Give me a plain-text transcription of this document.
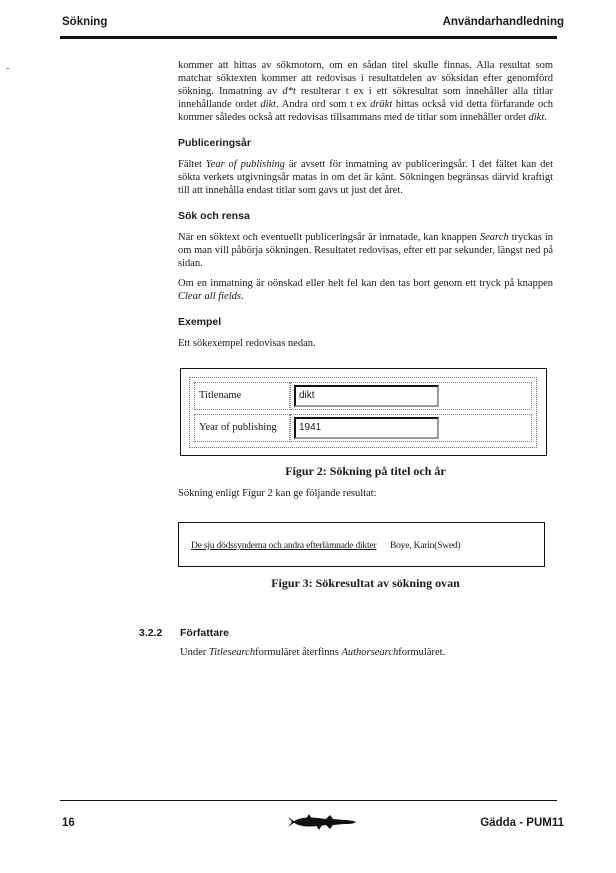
Sökning	Användarhandledning

kommer att hittas av sökmotorn, om en sådan titel skulle finnas. Alla resultat som matchar söktexten kommer att redovisas i resultatdelen av söksidan efter genomförd sökning. Inmatning av d*t resulterar t ex i ett sökresultat som innehåller alla titlar innehållande ordet dikt. Andra ord som t ex dräkt hittas också vid detta förfarande och kommer således också att redovisas tillsammans med de titlar som innehåller ordet dikt.

Publiceringsår

Fältet Year of publishing är avsett för inmatning av publiceringsår. I det fältet kan det sökta verkets utgivningsår matas in om det är känt. Sökningen begränsas därvid kraftigt till att innehålla endast titlar som gavs ut just det året.

Sök och rensa

När en söktext och eventuellt publiceringsår är inmatade, kan knappen Search tryckas in om man vill påbörja sökningen. Resultatet redovisas, efter ett par sekunder, längst ned på sidan.

Om en inmatning är oönskad eller helt fel kan den tas bort genom ett tryck på knappen Clear all fields.

Exempel

Ett sökexempel redovisas nedan.

Titlename	dikt
Year of publishing	1941
Figur 2: Sökning på titel och år

Sökning enligt Figur 2 kan ge följande resultat:

De sju dödssynderna och andra efterlämnade dikter Boye, Karin(Swed)
Figur 3: Sökresultat av sökning ovan
3.2.2 Författare
Under Titlesearchformuläret återfinns Authorsearchformuläret.
16	Gädda - PUM11
